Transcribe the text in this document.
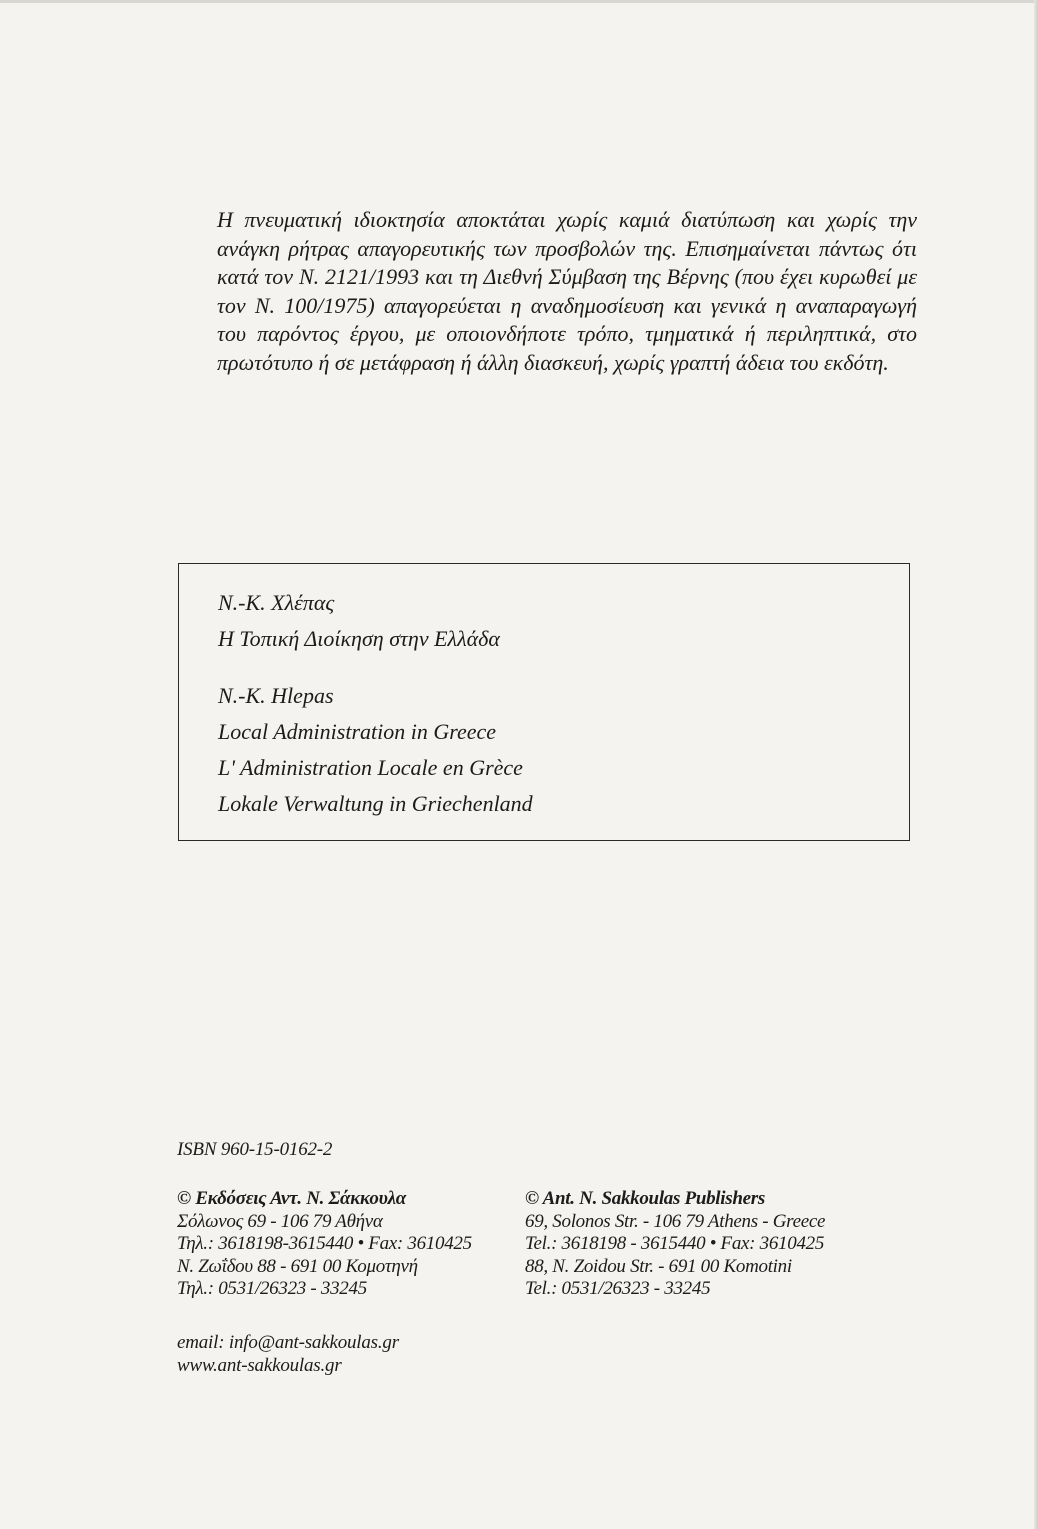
Η πνευματική ιδιοκτησία αποκτάται χωρίς καμιά διατύπωση και χωρίς την ανάγκη ρήτρας απαγορευτικής των προσβολών της. Επισημαίνεται πάντως ότι κατά τον Ν. 2121/1993 και τη Διεθνή Σύμβαση της Βέρνης (που έχει κυρωθεί με τον Ν. 100/1975) απαγορεύεται η αναδημοσίευση και γενικά η αναπαραγωγή του παρόντος έργου, με οποιονδήποτε τρόπο, τμηματικά ή περιληπτικά, στο πρωτότυπο ή σε μετάφραση ή άλλη διασκευή, χωρίς γραπτή άδεια του εκδότη.

N.-K. Χλέπας
Η Τοπική Διοίκηση στην Ελλάδα
N.-K. Hlepas
Local Administration in Greece
L' Administration Locale en Grèce
Lokale Verwaltung in Griechenland
ISBN 960-15-0162-2
© Εκδόσεις Αντ. Ν. Σάκκουλα
Σόλωνος 69 - 106 79 Αθήνα
Τηλ.: 3618198-3615440 • Fax: 3610425
Ν. Ζωΐδου 88 - 691 00 Κομοτηνή
Τηλ.: 0531/26323 - 33245
© Ant. N. Sakkoulas Publishers
69, Solonos Str. - 106 79 Athens - Greece
Tel.: 3618198 - 3615440 • Fax: 3610425
88, N. Zoidou Str. - 691 00 Komotini
Tel.: 0531/26323 - 33245
email: info@ant-sakkoulas.gr
www.ant-sakkoulas.gr
